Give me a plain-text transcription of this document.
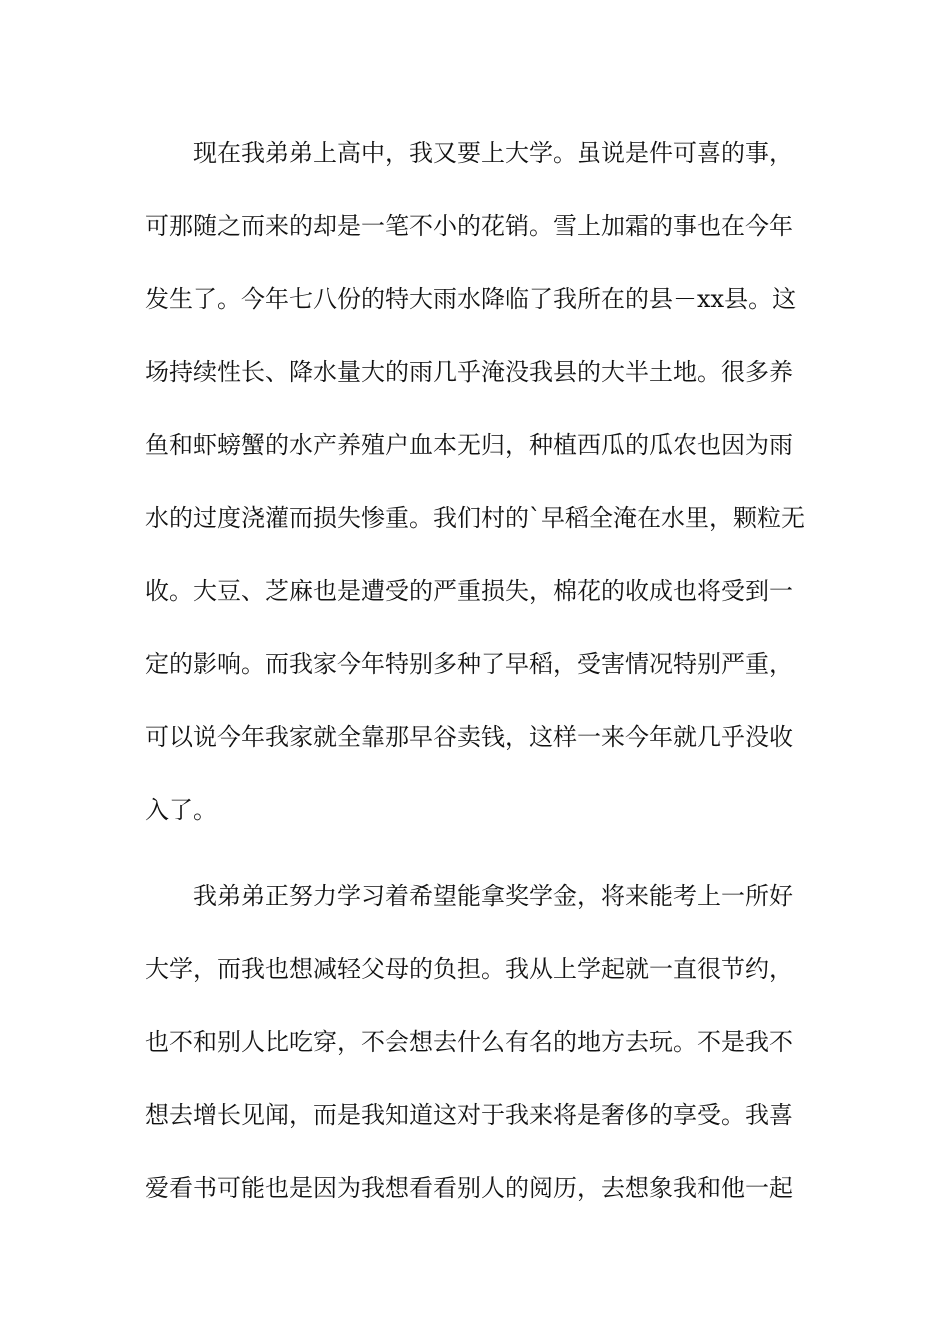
现在我弟弟上高中，我又要上大学。虽说是件可喜的事，
可那随之而来的却是一笔不小的花销。雪上加霜的事也在今年
发生了。今年七八份的特大雨水降临了我所在的县－xx县。这
场持续性长、降水量大的雨几乎淹没我县的大半土地。很多养
鱼和虾螃蟹的水产养殖户血本无归，种植西瓜的瓜农也因为雨
水的过度浇灌而损失惨重。我们村的`早稻全淹在水里，颗粒无
收。大豆、芝麻也是遭受的严重损失，棉花的收成也将受到一
定的影响。而我家今年特别多种了早稻，受害情况特别严重，
可以说今年我家就全靠那早谷卖钱，这样一来今年就几乎没收
入了。
我弟弟正努力学习着希望能拿奖学金，将来能考上一所好
大学，而我也想减轻父母的负担。我从上学起就一直很节约，
也不和别人比吃穿，不会想去什么有名的地方去玩。不是我不
想去增长见闻，而是我知道这对于我来将是奢侈的享受。我喜
爱看书可能也是因为我想看看别人的阅历，去想象我和他一起
